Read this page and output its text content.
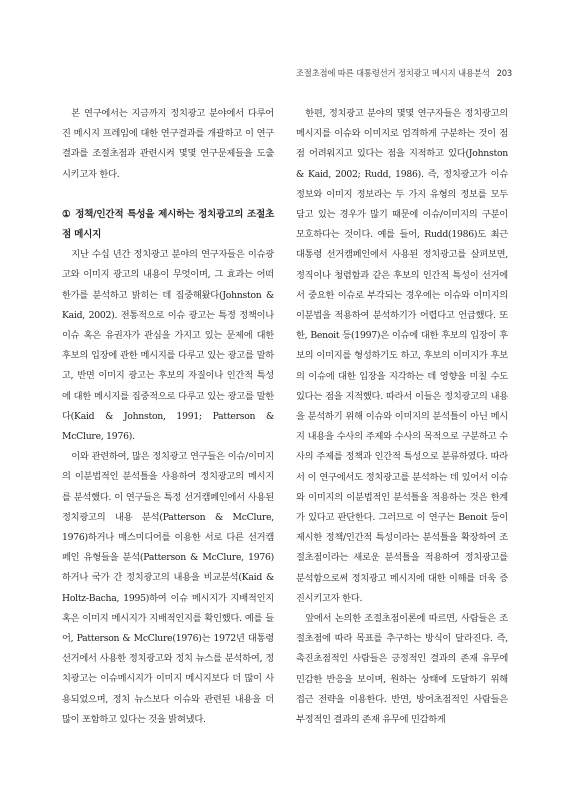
조절초점에 따른 대통령선거 정치광고 메시지 내용분석 203

본 연구에서는 지금까지 정치광고 분야에서 다루어진 메시지 프레임에 대한 연구결과를 개괄하고 이 연구결과를 조절초점과 관련시켜 몇몇 연구문제들을 도출시키고자 한다.

① 정책/인간적 특성을 제시하는 정치광고의 조절초점 메시지

지난 수십 년간 정치광고 분야의 연구자들은 이슈광고와 이미지 광고의 내용이 무엇이며, 그 효과는 어떠한가를 분석하고 밝히는 데 집중해왔다(Johnston & Kaid, 2002). 전통적으로 이슈 광고는 특정 정책이나 이슈 혹은 유권자가 관심을 가지고 있는 문제에 대한 후보의 입장에 관한 메시지를 다루고 있는 광고를 말하고, 반면 이미지 광고는 후보의 자질이나 인간적 특성에 대한 메시지를 집중적으로 다루고 있는 광고를 말한다(Kaid & Johnston, 1991; Patterson & McClure, 1976).

이와 관련하여, 많은 정치광고 연구들은 이슈/이미지의 이분법적인 분석틀을 사용하여 정치광고의 메시지를 분석했다. 이 연구들은 특정 선거캠페인에서 사용된 정치광고의 내용 분석(Patterson & McClure, 1976)하거나 매스미디어를 이용한 서로 다른 선거캠페인 유형들을 분석(Patterson & McClure, 1976)하거나 국가 간 정치광고의 내용을 비교분석(Kaid & Holtz-Bacha, 1995)하여 이슈 메시지가 지배적인지 혹은 이미지 메시지가 지배적인지를 확인했다. 예를 들어, Patterson & McClure(1976)는 1972년 대통령선거에서 사용한 정치광고와 정치 뉴스를 분석하여, 정치광고는 이슈메시지가 이미지 메시지보다 더 많이 사용되었으며, 정치 뉴스보다 이슈와 관련된 내용을 더 많이 포함하고 있다는 것을 밝혀냈다.

한편, 정치광고 분야의 몇몇 연구자들은 정치광고의 메시지를 이슈와 이미지로 엄격하게 구분하는 것이 점점 어려워지고 있다는 점을 지적하고 있다(Johnston & Kaid, 2002; Rudd, 1986). 즉, 정치광고가 이슈 정보와 이미지 정보라는 두 가지 유형의 정보를 모두 담고 있는 경우가 많기 때문에 이슈/이미지의 구분이 모호하다는 것이다. 예를 들어, Rudd(1986)도 최근 대통령 선거캠페인에서 사용된 정치광고를 살펴보면, 정직이나 청렴함과 같은 후보의 인간적 특성이 선거에서 중요한 이슈로 부각되는 경우에는 이슈와 이미지의 이분법을 적용하여 분석하기가 어렵다고 언급했다. 또한, Benoit 등(1997)은 이슈에 대한 후보의 입장이 후보의 이미지를 형성하기도 하고, 후보의 이미지가 후보의 이슈에 대한 입장을 지각하는 데 영향을 미칠 수도 있다는 점을 지적했다. 따라서 이들은 정치광고의 내용을 분석하기 위해 이슈와 이미지의 분석틀이 아닌 메시지 내용을 수사의 주제와 수사의 목적으로 구분하고 수사의 주제를 정책과 인간적 특성으로 분류하였다. 따라서 이 연구에서도 정치광고를 분석하는 데 있어서 이슈와 이미지의 이분법적인 분석틀을 적용하는 것은 한계가 있다고 판단한다. 그러므로 이 연구는 Benoit 등이 제시한 정책/인간적 특성이라는 분석틀을 확장하여 조절초점이라는 새로운 분석틀을 적용하여 정치광고를 분석함으로써 정치광고 메시지에 대한 이해를 더욱 증진시키고자 한다.

앞에서 논의한 조절초점이론에 따르면, 사람들은 조절초점에 따라 목표를 추구하는 방식이 달라진다. 즉, 촉진초점적인 사람들은 긍정적인 결과의 존재 유무에 민감한 반응을 보이며, 원하는 상태에 도달하기 위해 접근 전략을 이용한다. 반면, 방어초점적인 사람들은 부정적인 결과의 존재 유무에 민감하게
